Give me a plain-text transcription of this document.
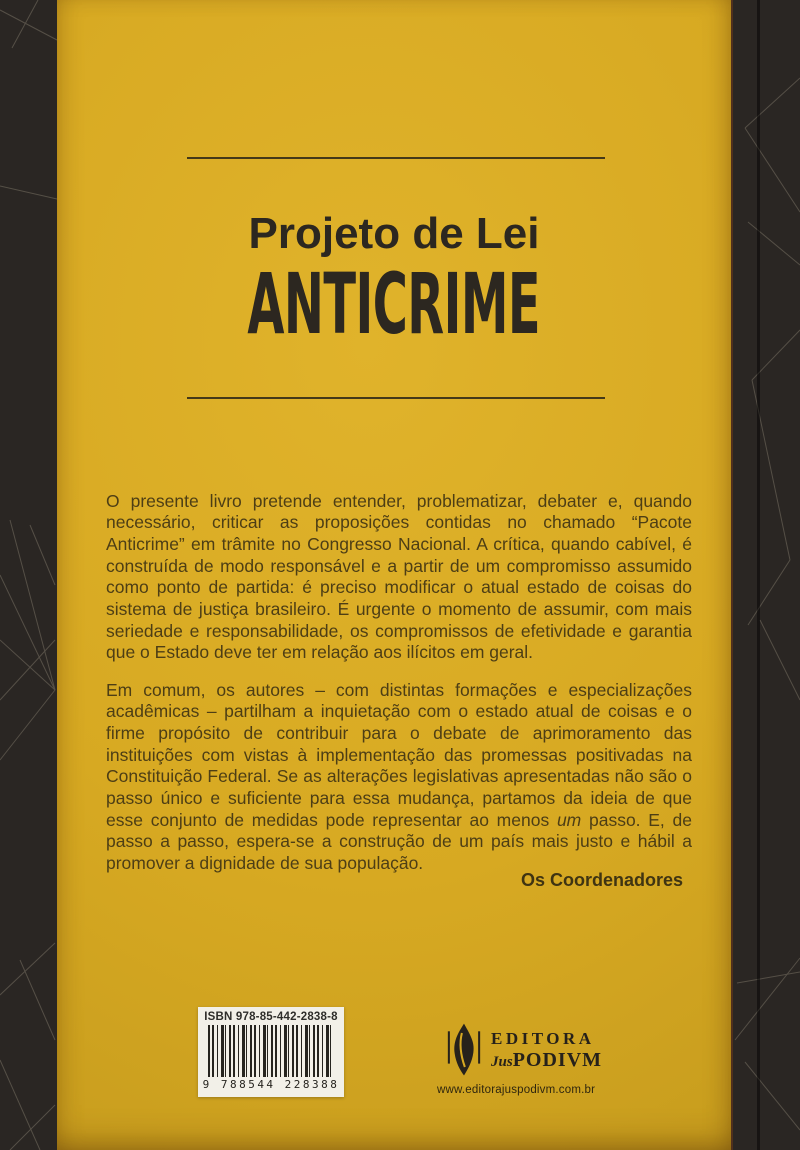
Projeto de Lei
ANTICRIME

O presente livro pretende entender, problematizar, debater e, quando necessário, criticar as proposições contidas no chamado “Pacote Anticrime” em trâmite no Congresso Nacional. A crítica, quando cabível, é construída de modo responsável e a partir de um compromisso assumido como ponto de partida: é preciso modificar o atual estado de coisas do sistema de justiça brasileiro. É urgente o momento de assumir, com mais seriedade e responsabilidade, os compromissos de efetividade e garantia que o Estado deve ter em relação aos ilícitos em geral.

Em comum, os autores – com distintas formações e especializações acadêmicas – partilham a inquietação com o estado atual de coisas e o firme propósito de contribuir para o debate de aprimoramento das instituições com vistas à implementação das promessas positivadas na Constituição Federal. Se as alterações legislativas apresentadas não são o passo único e suficiente para essa mudança, partamos da ideia de que esse conjunto de medidas pode representar ao menos um passo. E, de passo a passo, espera-se a construção de um país mais justo e hábil a promover a dignidade de sua população.

Os Coordenadores
ISBN 978-85-442-2838-8
9 788544 228388
EDITORA
JusPODIVM
www.editorajuspodivm.com.br
